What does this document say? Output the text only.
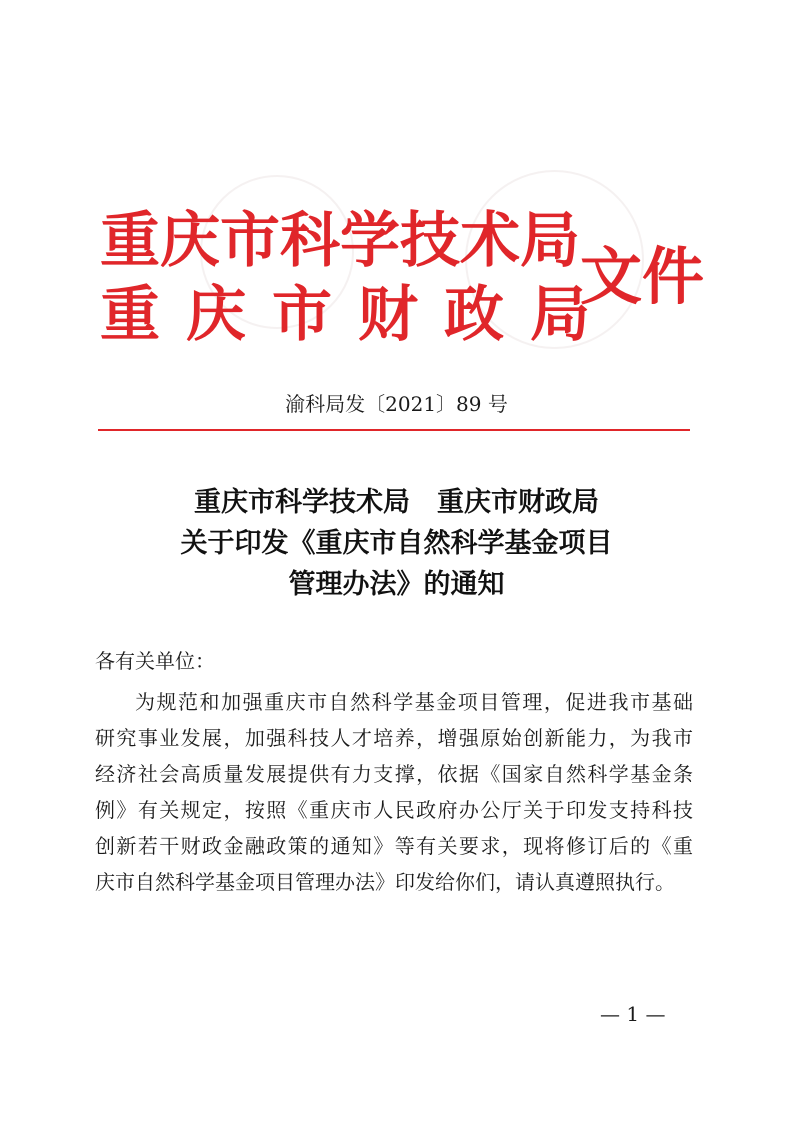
重庆市科学技术局
重庆市财政局
文件
渝科局发〔2021〕89 号
重庆市科学技术局　重庆市财政局
关于印发《重庆市自然科学基金项目
管理办法》的通知
各有关单位：
为规范和加强重庆市自然科学基金项目管理，促进我市基础
研究事业发展，加强科技人才培养，增强原始创新能力，为我市
经济社会高质量发展提供有力支撑，依据《国家自然科学基金条
例》有关规定，按照《重庆市人民政府办公厅关于印发支持科技
创新若干财政金融政策的通知》等有关要求，现将修订后的《重
庆市自然科学基金项目管理办法》印发给你们，请认真遵照执行。
— 1 —
